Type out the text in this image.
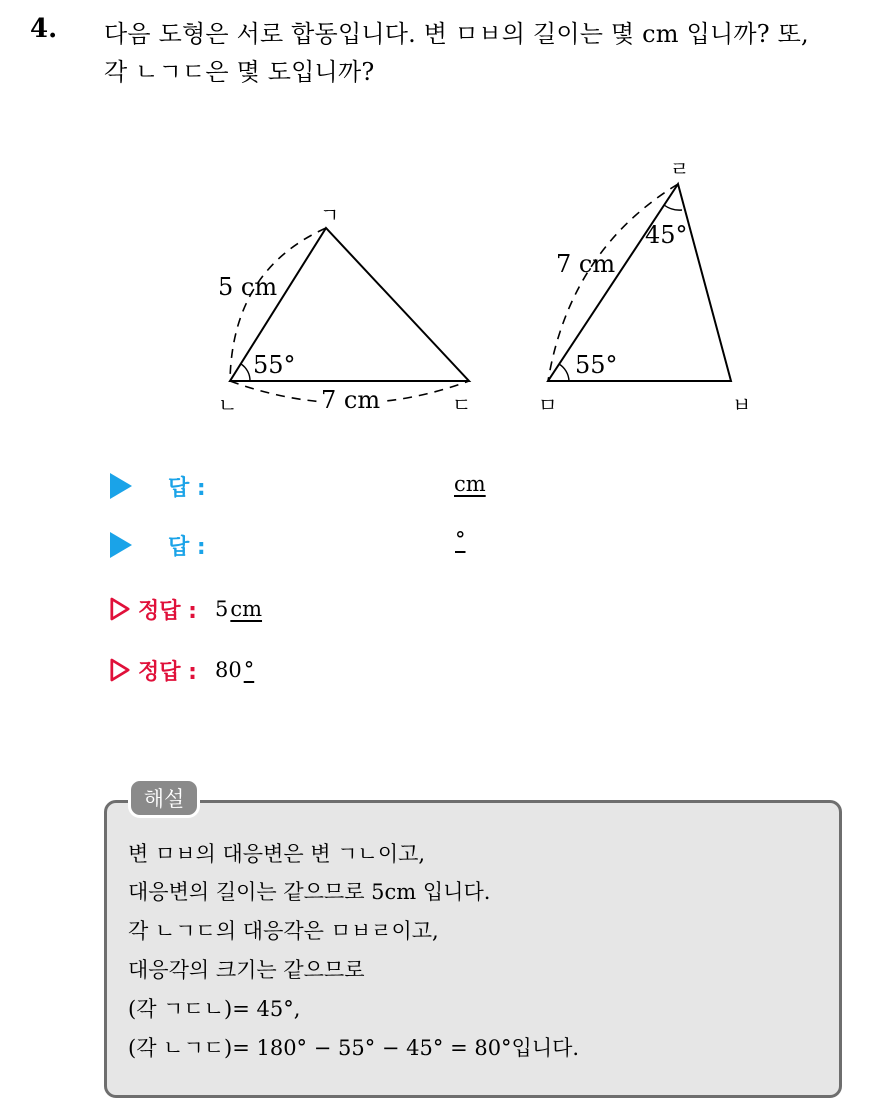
4. 다음 도형은 서로 합동입니다. 변 ㅁㅂ의 길이는 몇 cm 입니까? 또,
각 ㄴㄱㄷ은 몇 도입니까?
ㄱ
ㄴ	ㄷ
5 cm
7 cm
55°
ㄹ
ㅁ	ㅂ
7 cm
45°
55°
답 :	cm
답 :	°
정답 : 5cm
정답 : 80°
해설
변 ㅁㅂ의 대응변은 변 ㄱㄴ이고,
대응변의 길이는 같으므로 5cm 입니다.
각 ㄴㄱㄷ의 대응각은 ㅁㅂㄹ이고,
대응각의 크기는 같으므로
(각 ㄱㄷㄴ)= 45°,
(각 ㄴㄱㄷ)= 180° − 55° − 45° = 80°입니다.
